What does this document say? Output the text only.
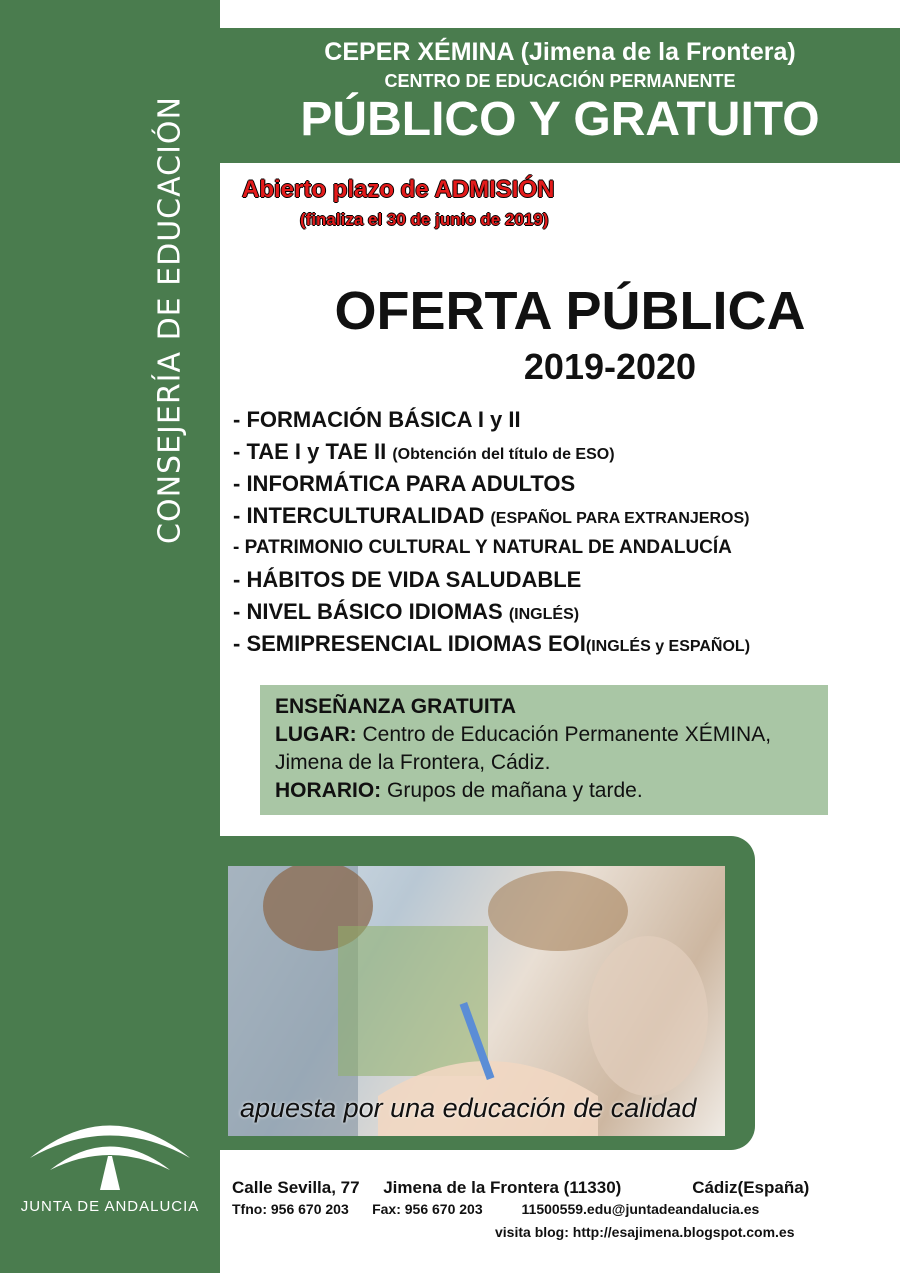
CONSEJERÍA DE EDUCACIÓN
CEPER XÉMINA (Jimena de la Frontera)
CENTRO DE EDUCACIÓN PERMANENTE
PÚBLICO Y GRATUITO
Abierto plazo de ADMISIÓN
(finaliza el 30 de junio de 2019)
OFERTA PÚBLICA
2019-2020
- FORMACIÓN BÁSICA I y II
- TAE I y TAE II (Obtención del título de ESO)
- INFORMÁTICA PARA ADULTOS
- INTERCULTURALIDAD (ESPAÑOL PARA EXTRANJEROS)
- PATRIMONIO CULTURAL Y NATURAL DE ANDALUCÍA
- HÁBITOS DE VIDA SALUDABLE
- NIVEL BÁSICO IDIOMAS (INGLÉS)
- SEMIPRESENCIAL IDIOMAS EOI(INGLÉS y ESPAÑOL)
ENSEÑANZA GRATUITA
LUGAR: Centro de Educación Permanente XÉMINA,
Jimena de la Frontera, Cádiz.
HORARIO: Grupos de mañana y tarde.
apuesta por una educación de calidad
JUNTA DE ANDALUCIA
Calle Sevilla, 77 Jimena de la Frontera (11330)	Cádiz(España)
Tfno: 956 670 203 Fax: 956 670 203	11500559.edu@juntadeandalucia.es
visita blog: http://esajimena.blogspot.com.es
